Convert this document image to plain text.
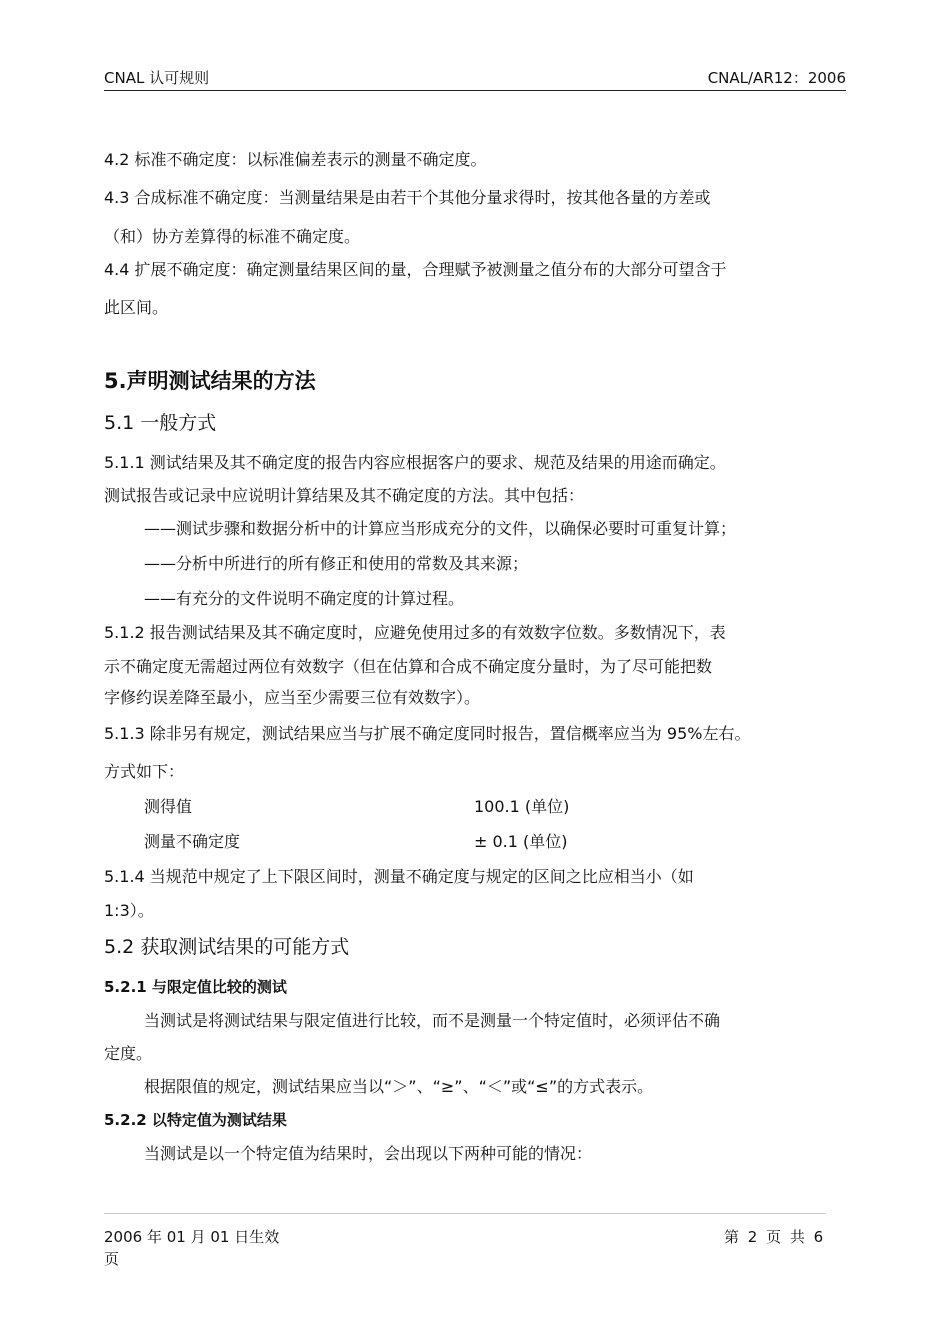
CNAL 认可规则	CNAL/AR12：2006
4.2 标准不确定度：以标准偏差表示的测量不确定度。
4.3 合成标准不确定度：当测量结果是由若干个其他分量求得时，按其他各量的方差或
（和）协方差算得的标准不确定度。
4.4 扩展不确定度：确定测量结果区间的量，合理赋予被测量之值分布的大部分可望含于
此区间。
5.声明测试结果的方法
5.1 一般方式
5.1.1 测试结果及其不确定度的报告内容应根据客户的要求、规范及结果的用途而确定。
测试报告或记录中应说明计算结果及其不确定度的方法。其中包括：
——测试步骤和数据分析中的计算应当形成充分的文件，以确保必要时可重复计算；
——分析中所进行的所有修正和使用的常数及其来源；
——有充分的文件说明不确定度的计算过程。
5.1.2 报告测试结果及其不确定度时，应避免使用过多的有效数字位数。多数情况下，表
示不确定度无需超过两位有效数字（但在估算和合成不确定度分量时，为了尽可能把数
字修约误差降至最小，应当至少需要三位有效数字）。
5.1.3 除非另有规定，测试结果应当与扩展不确定度同时报告，置信概率应当为 95%左右。
方式如下：
测得值	100.1 (单位)
测量不确定度	± 0.1 (单位)
5.1.4 当规范中规定了上下限区间时，测量不确定度与规定的区间之比应相当小（如
1:3）。
5.2 获取测试结果的可能方式
5.2.1 与限定值比较的测试
当测试是将测试结果与限定值进行比较，而不是测量一个特定值时，必须评估不确
定度。
根据限值的规定，测试结果应当以“＞”、“≥”、“＜”或“≤”的方式表示。
5.2.2 以特定值为测试结果
当测试是以一个特定值为结果时，会出现以下两种可能的情况：
2006 年 01 月 01 日生效
页
第 2 页 共 6
